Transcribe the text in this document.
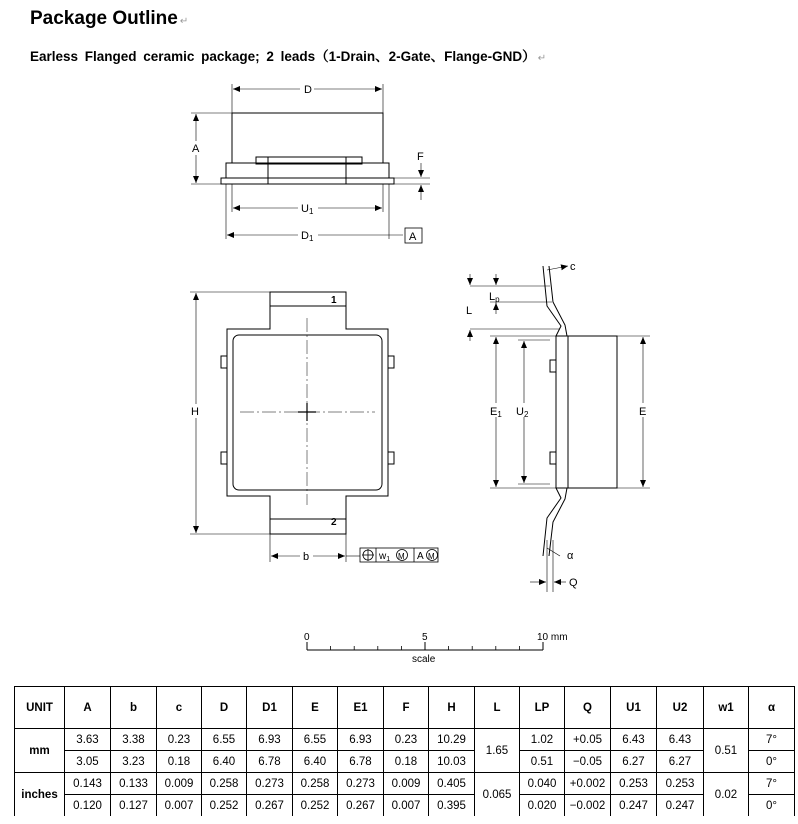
Package Outline ↵
Earless Flanged ceramic package; 2 leads（1-Drain、2-Gate、Flange-GND） ↵
D
A
F
U1
D1	A
1
2
H
b	$w_1$ M A M
c
Lp
L
E1 U2	E
α
Q
0	5	10 mm
scale
UNIT	A	b	c	D	D1	E	E1	F	H	L	LP	Q	U1	U2	w1	α
mm	3.63	3.38	0.23	6.55	6.93	6.55	6.93	0.23	10.29	1.65	1.02	+0.05	6.43	6.43	0.51	7°
	3.05	3.23	0.18	6.40	6.78	6.40	6.78	0.18	10.03		0.51	−0.05	6.27	6.27		0°
inches	0.143	0.133	0.009	0.258	0.273	0.258	0.273	0.009	0.405	0.065	0.040	+0.002	0.253	0.253	0.02	7°
	0.120	0.127	0.007	0.252	0.267	0.252	0.267	0.007	0.395		0.020	−0.002	0.247	0.247		0°
